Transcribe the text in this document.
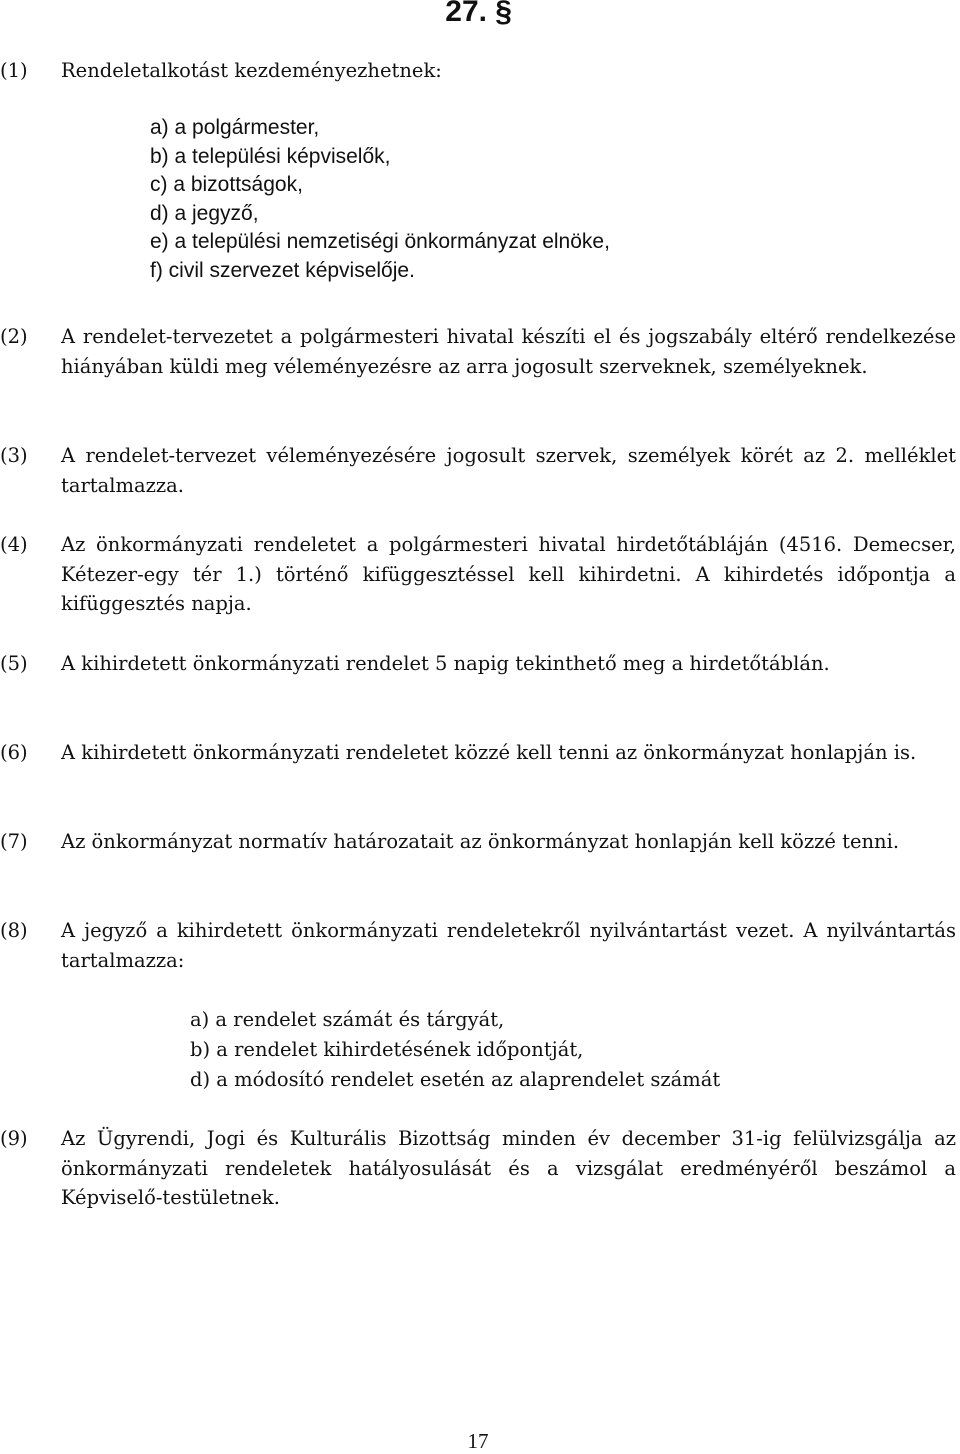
27. §
(1) Rendeletalkotást kezdeményezhetnek:
a) a polgármester,
b) a települési képviselők,
c) a bizottságok,
d) a jegyző,
e) a települési nemzetiségi önkormányzat elnöke,
f) civil szervezet képviselője.
(2) A rendelet-tervezetet a polgármesteri hivatal készíti el és jogszabály eltérő rendelkezése hiányában küldi meg véleményezésre az arra jogosult szerveknek, személyeknek.
(3) A rendelet-tervezet véleményezésére jogosult szervek, személyek körét az 2. melléklet tartalmazza.
(4) Az önkormányzati rendeletet a polgármesteri hivatal hirdetőtábláján (4516. Demecser, Kétezer-egy tér 1.) történő kifüggesztéssel kell kihirdetni. A kihirdetés időpontja a kifüggesztés napja.
(5) A kihirdetett önkormányzati rendelet 5 napig tekinthető meg a hirdetőtáblán.
(6) A kihirdetett önkormányzati rendeletet közzé kell tenni az önkormányzat honlapján is.
(7) Az önkormányzat normatív határozatait az önkormányzat honlapján kell közzé tenni.
(8) A jegyző a kihirdetett önkormányzati rendeletekről nyilvántartást vezet. A nyilvántartás tartalmazza:
a) a rendelet számát és tárgyát,
b) a rendelet kihirdetésének időpontját,
d) a módosító rendelet esetén az alaprendelet számát
(9) Az Ügyrendi, Jogi és Kulturális Bizottság minden év december 31-ig felülvizsgálja az önkormányzati rendeletek hatályosulását és a vizsgálat eredményéről beszámol a Képviselő-testületnek.
17
